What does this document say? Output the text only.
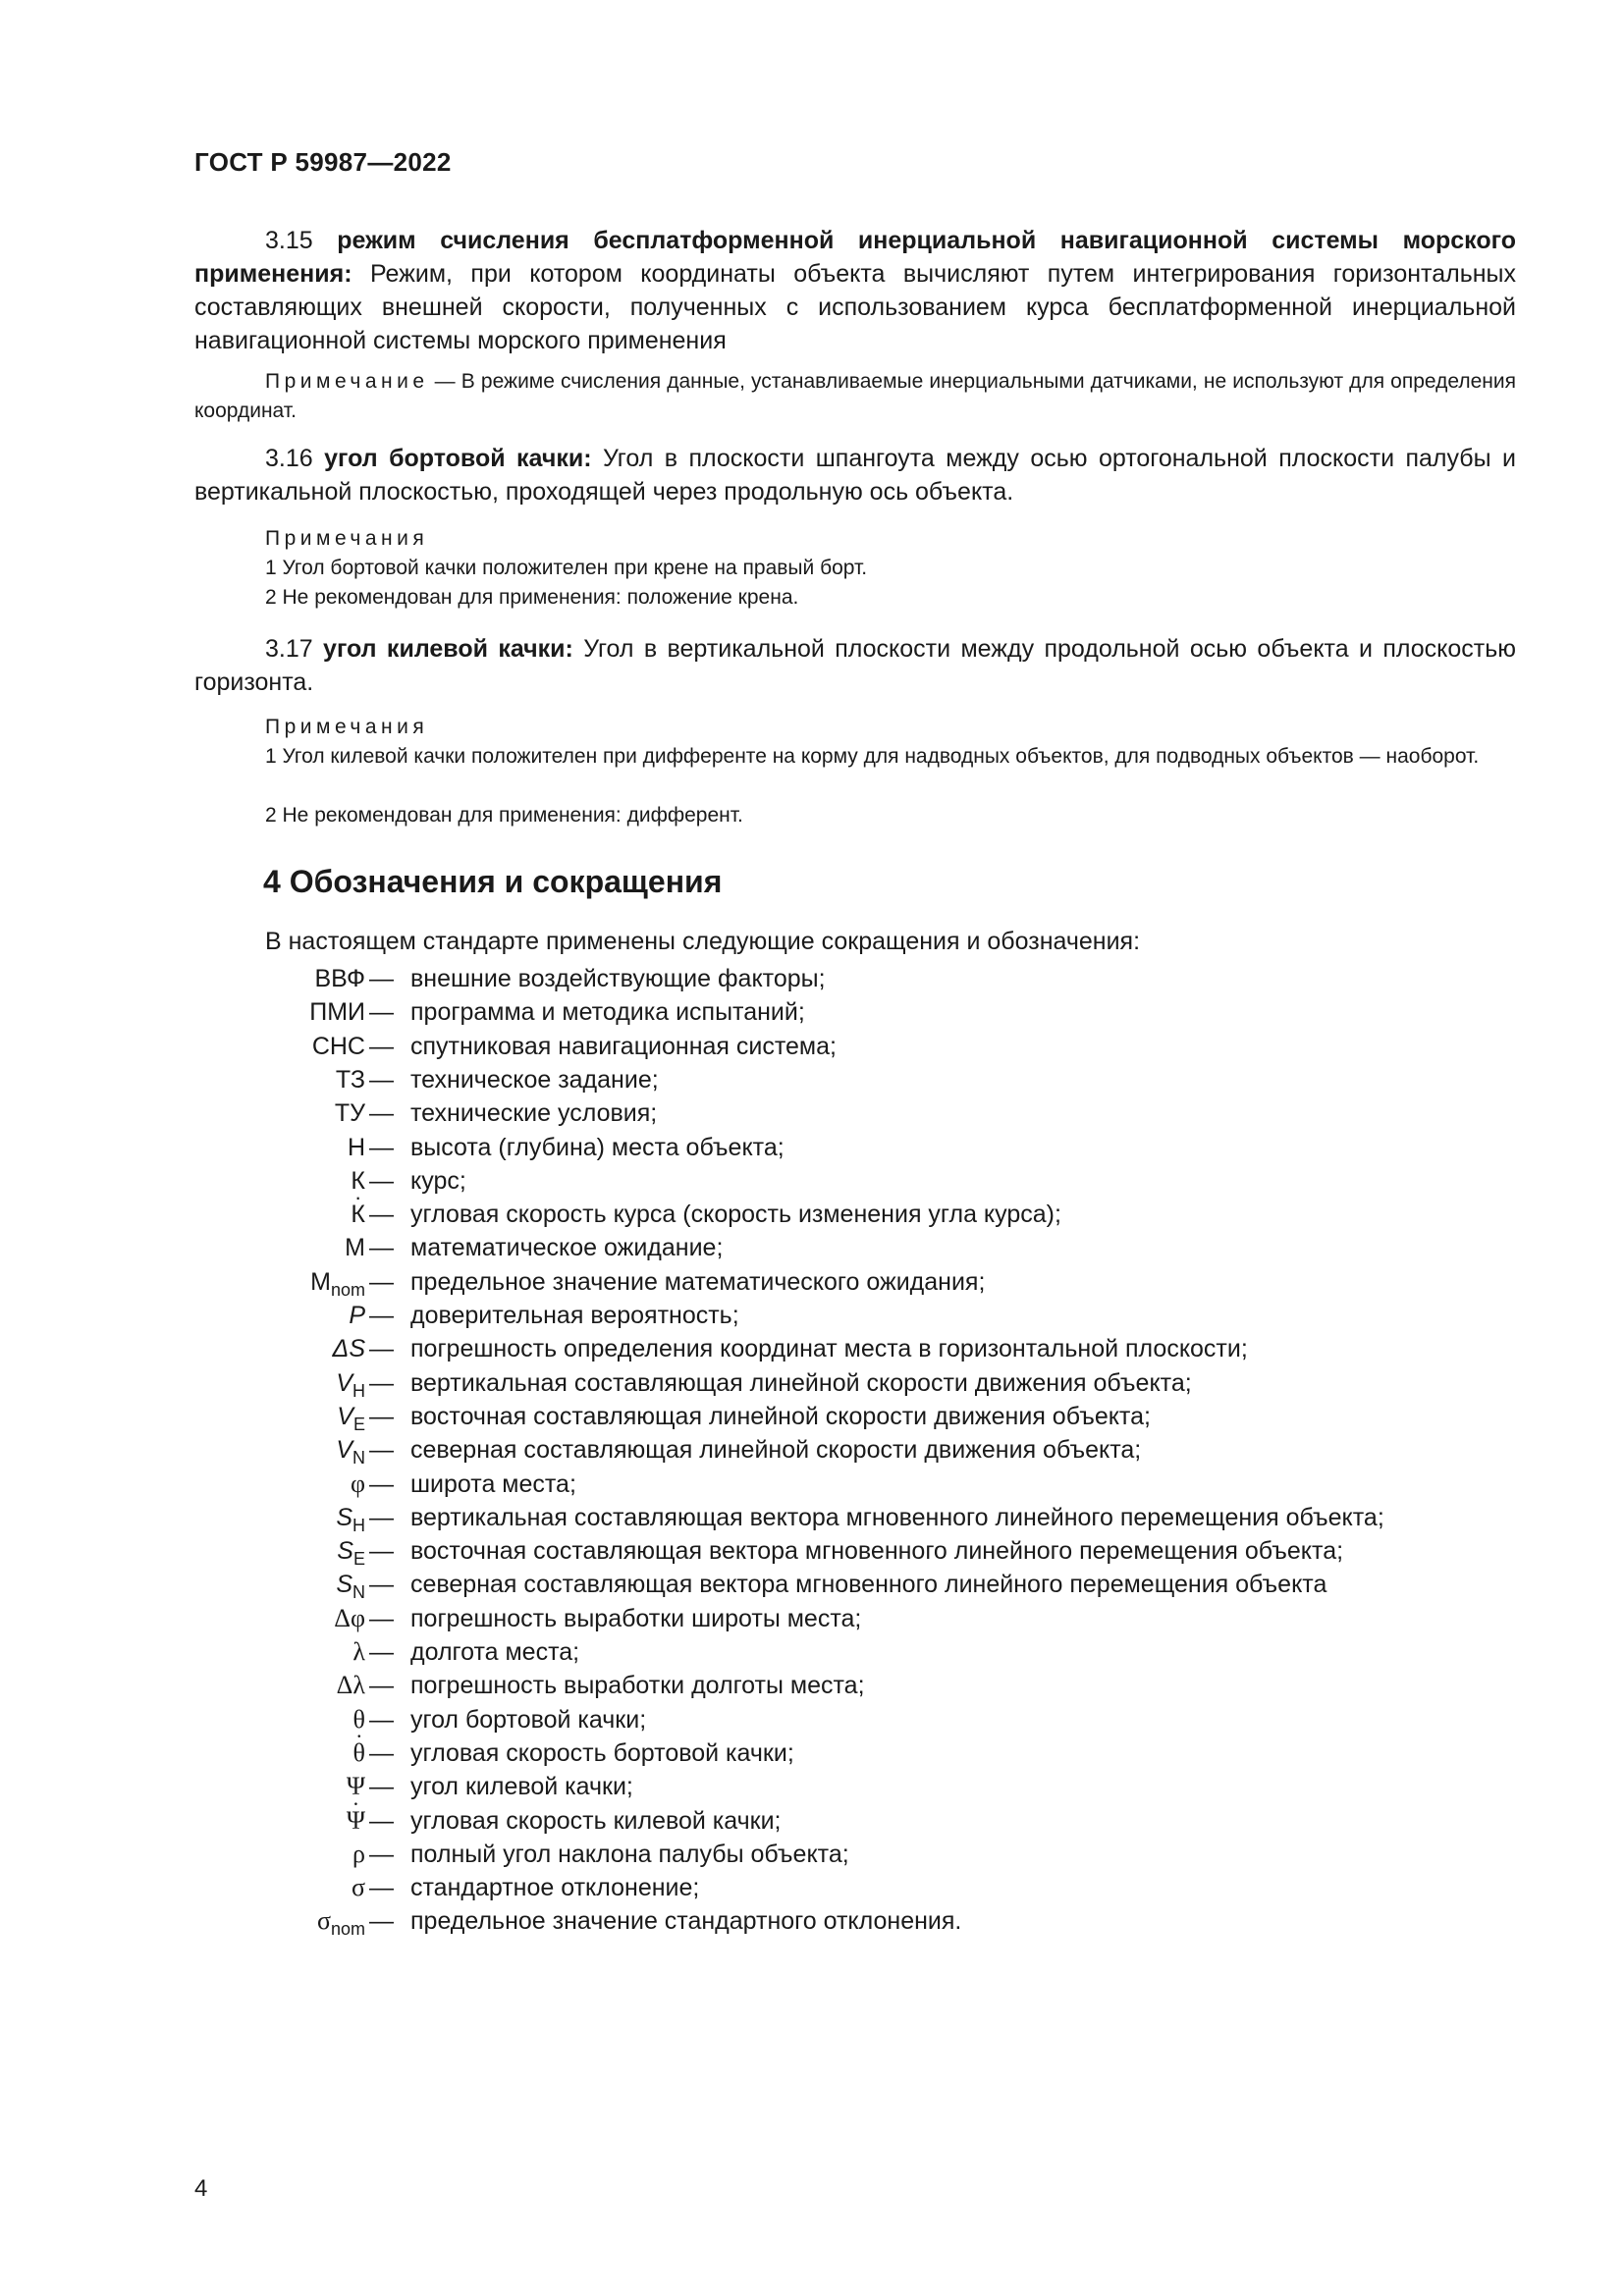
ГОСТ Р 59987—2022
3.15 режим счисления бесплатформенной инерциальной навигационной системы морского применения: Режим, при котором координаты объекта вычисляют путем интегрирования горизонтальных составляющих внешней скорости, полученных с использованием курса бесплатформенной инерциальной навигационной системы морского применения
Примечание — В режиме счисления данные, устанавливаемые инерциальными датчиками, не используют для определения координат.
3.16 угол бортовой качки: Угол в плоскости шпангоута между осью ортогональной плоскости палубы и вертикальной плоскостью, проходящей через продольную ось объекта.
Примечания
1 Угол бортовой качки положителен при крене на правый борт.
2 Не рекомендован для применения: положение крена.
3.17 угол килевой качки: Угол в вертикальной плоскости между продольной осью объекта и плоскостью горизонта.
Примечания
1 Угол килевой качки положителен при дифференте на корму для надводных объектов, для подводных объектов — наоборот.
2 Не рекомендован для применения: дифферент.
4 Обозначения и сокращения
В настоящем стандарте применены следующие сокращения и обозначения:
ВВФ — внешние воздействующие факторы;
ПМИ — программа и методика испытаний;
СНС — спутниковая навигационная система;
ТЗ — техническое задание;
ТУ — технические условия;
Н — высота (глубина) места объекта;
К — курс;
· К — угловая скорость курса (скорость изменения угла курса);
М — математическое ожидание;
$M_{nom}$ — предельное значение математического ожидания;
P — доверительная вероятность;
ΔS — погрешность определения координат места в горизонтальной плоскости;
$V_H$ — вертикальная составляющая линейной скорости движения объекта;
$V_E$ — восточная составляющая линейной скорости движения объекта;
$V_N$ — северная составляющая линейной скорости движения объекта;
φ — широта места;
$S_H$ — вертикальная составляющая вектора мгновенного линейного перемещения объекта;
$S_E$ — восточная составляющая вектора мгновенного линейного перемещения объекта;
$S_N$ — северная составляющая вектора мгновенного линейного перемещения объекта
Δφ — погрешность выработки широты места;
λ — долгота места;
Δλ — погрешность выработки долготы места;
θ — угол бортовой качки;
· θ — угловая скорость бортовой качки;
Ψ — угол килевой качки;
· Ψ — угловая скорость килевой качки;
ρ — полный угол наклона палубы объекта;
σ — стандартное отклонение;
$\sigma_{nom}$ — предельное значение стандартного отклонения.
4
